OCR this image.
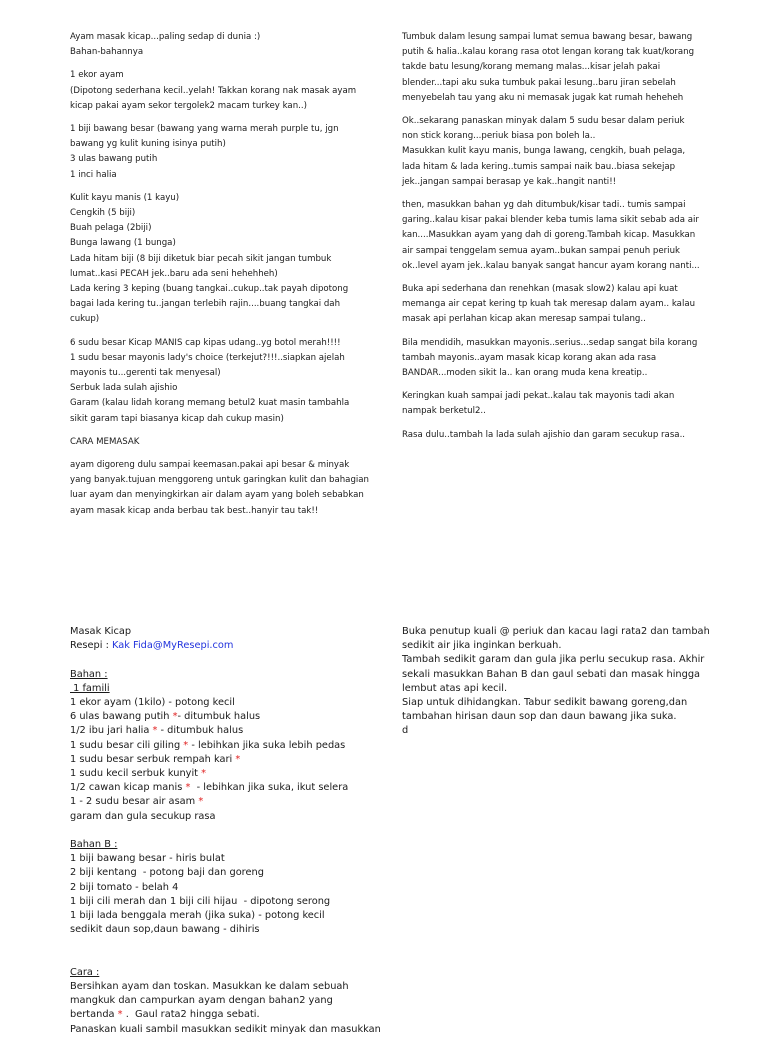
Ayam masak kicap...paling sedap di dunia :)
Bahan-bahannya

1 ekor ayam
(Dipotong sederhana kecil..yelah! Takkan korang nak masak ayam
kicap pakai ayam sekor tergolek2 macam turkey kan..)

1 biji bawang besar (bawang yang warna merah purple tu, jgn
bawang yg kulit kuning isinya putih)
3 ulas bawang putih
1 inci halia

Kulit kayu manis (1 kayu)
Cengkih (5 biji)
Buah pelaga (2biji)
Bunga lawang (1 bunga)
Lada hitam biji (8 biji diketuk biar pecah sikit jangan tumbuk
lumat..kasi PECAH jek..baru ada seni hehehheh)
Lada kering 3 keping (buang tangkai..cukup..tak payah dipotong
bagai lada kering tu..jangan terlebih rajin....buang tangkai dah
cukup)

6 sudu besar Kicap MANIS cap kipas udang..yg botol merah!!!!
1 sudu besar mayonis lady's choice (terkejut?!!!..siapkan ajelah
mayonis tu...gerenti tak menyesal)
Serbuk lada sulah ajishio
Garam (kalau lidah korang memang betul2 kuat masin tambahla
sikit garam tapi biasanya kicap dah cukup masin)

CARA MEMASAK

ayam digoreng dulu sampai keemasan.pakai api besar & minyak
yang banyak.tujuan menggoreng untuk garingkan kulit dan bahagian
luar ayam dan menyingkirkan air dalam ayam yang boleh sebabkan
ayam masak kicap anda berbau tak best..hanyir tau tak!!

Tumbuk dalam lesung sampai lumat semua bawang besar, bawang
putih & halia..kalau korang rasa otot lengan korang tak kuat/korang
takde batu lesung/korang memang malas...kisar jelah pakai
blender...tapi aku suka tumbuk pakai lesung..baru jiran sebelah
menyebelah tau yang aku ni memasak jugak kat rumah heheheh

Ok..sekarang panaskan minyak dalam 5 sudu besar dalam periuk
non stick korang...periuk biasa pon boleh la..
Masukkan kulit kayu manis, bunga lawang, cengkih, buah pelaga,
lada hitam & lada kering..tumis sampai naik bau..biasa sekejap
jek..jangan sampai berasap ye kak..hangit nanti!!

then, masukkan bahan yg dah ditumbuk/kisar tadi.. tumis sampai
garing..kalau kisar pakai blender keba tumis lama sikit sebab ada air
kan....Masukkan ayam yang dah di goreng.Tambah kicap. Masukkan
air sampai tenggelam semua ayam..bukan sampai penuh periuk
ok..level ayam jek..kalau banyak sangat hancur ayam korang nanti...

Buka api sederhana dan renehkan (masak slow2) kalau api kuat
memanga air cepat kering tp kuah tak meresap dalam ayam.. kalau
masak api perlahan kicap akan meresap sampai tulang..

Bila mendidih, masukkan mayonis..serius...sedap sangat bila korang
tambah mayonis..ayam masak kicap korang akan ada rasa
BANDAR...moden sikit la.. kan orang muda kena kreatip..

Keringkan kuah sampai jadi pekat..kalau tak mayonis tadi akan
nampak berketul2..

Rasa dulu..tambah la lada sulah ajishio dan garam secukup rasa..

Masak Kicap
Resepi : Kak Fida@MyResepi.com
Bahan :
1 famili
1 ekor ayam (1kilo) - potong kecil
6 ulas bawang putih *- ditumbuk halus
1/2 ibu jari halia * - ditumbuk halus
1 sudu besar cili giling * - lebihkan jika suka lebih pedas
1 sudu besar serbuk rempah kari *
1 sudu kecil serbuk kunyit *
1/2 cawan kicap manis *  - lebihkan jika suka, ikut selera
1 - 2 sudu besar air asam *
garam dan gula secukup rasa
Bahan B :
1 biji bawang besar - hiris bulat
2 biji kentang  - potong baji dan goreng
2 biji tomato - belah 4
1 biji cili merah dan 1 biji cili hijau  - dipotong serong
1 biji lada benggala merah (jika suka) - potong kecil
sedikit daun sop,daun bawang - dihiris
Cara :
Bersihkan ayam dan toskan. Masukkan ke dalam sebuah
mangkuk dan campurkan ayam dengan bahan2 yang
bertanda * .  Gaul rata2 hingga sebati.
Panaskan kuali sambil masukkan sedikit minyak dan masukkan
Buka penutup kuali @ periuk dan kacau lagi rata2 dan tambah
sedikit air jika inginkan berkuah.
Tambah sedikit garam dan gula jika perlu secukup rasa. Akhir
sekali masukkan Bahan B dan gaul sebati dan masak hingga
lembut atas api kecil.
Siap untuk dihidangkan. Tabur sedikit bawang goreng,dan
tambahan hirisan daun sop dan daun bawang jika suka.
d
